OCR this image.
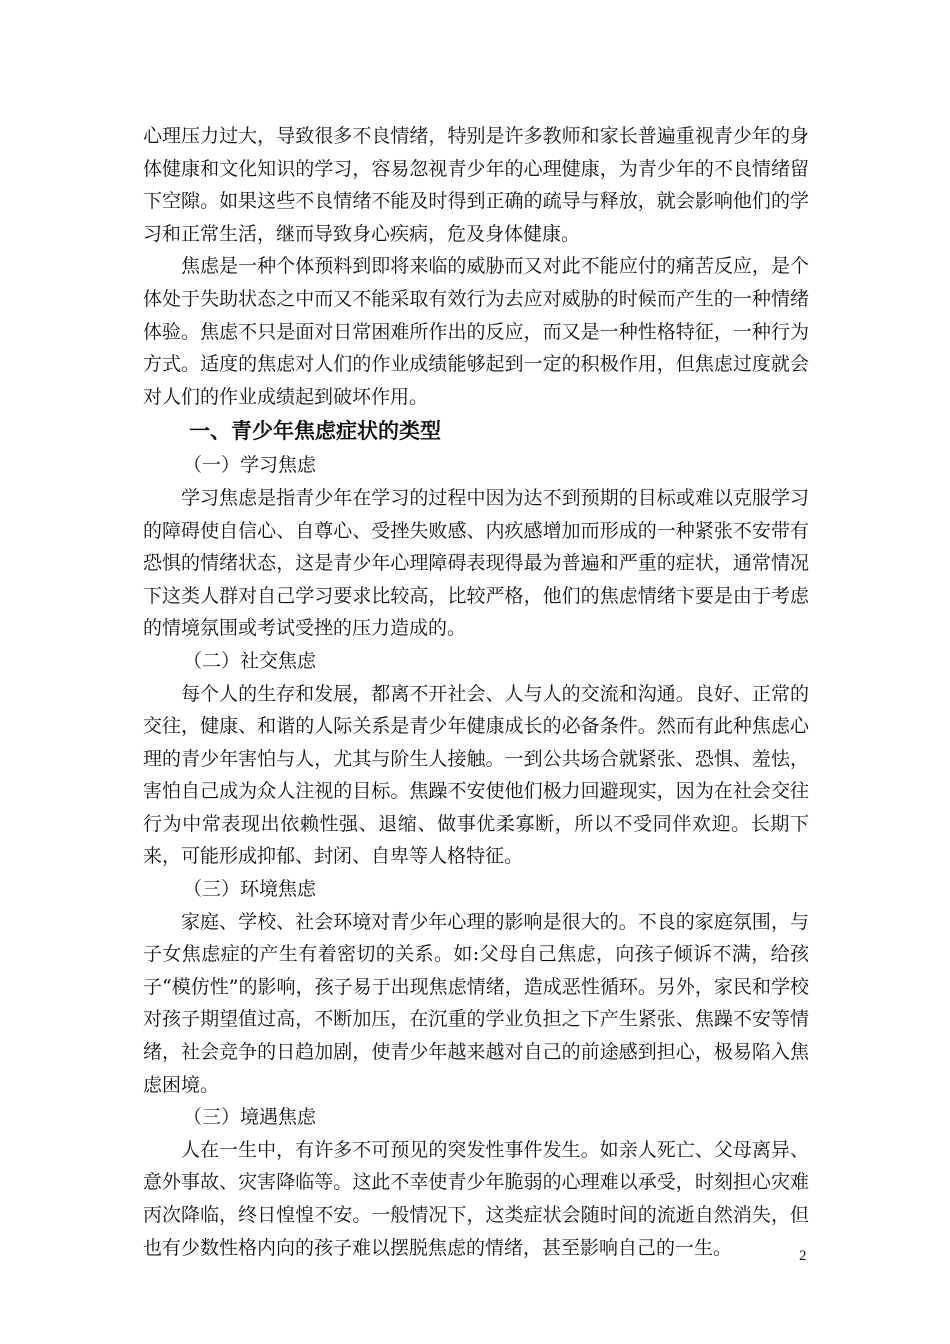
心理压力过大，导致很多不良情绪，特别是许多教师和家长普遍重视青少年的身体健康和文化知识的学习，容易忽视青少年的心理健康，为青少年的不良情绪留下空隙。如果这些不良情绪不能及时得到正确的疏导与释放，就会影响他们的学习和正常生活，继而导致身心疾病，危及身体健康。

焦虑是一种个体预料到即将来临的威胁而又对此不能应付的痛苦反应，是个体处于失助状态之中而又不能采取有效行为去应对威胁的时候而产生的一种情绪体验。焦虑不只是面对日常困难所作出的反应，而又是一种性格特征，一种行为方式。适度的焦虑对人们的作业成绩能够起到一定的积极作用，但焦虑过度就会对人们的作业成绩起到破坏作用。

一、青少年焦虑症状的类型

（一）学习焦虑

学习焦虑是指青少年在学习的过程中因为达不到预期的目标或难以克服学习的障碍使自信心、自尊心、受挫失败感、内疚感增加而形成的一种紧张不安带有恐惧的情绪状态，这是青少年心理障碍表现得最为普遍和严重的症状，通常情况下这类人群对自己学习要求比较高，比较严格，他们的焦虑情绪卞要是由于考虑的情境氛围或考试受挫的压力造成的。

（二）社交焦虑

每个人的生存和发展，都离不开社会、人与人的交流和沟通。良好、正常的交往，健康、和谐的人际关系是青少年健康成长的必备条件。然而有此种焦虑心理的青少年害怕与人，尤其与阶生人接触。一到公共场合就紧张、恐惧、羞怯，害怕自己成为众人注视的目标。焦躁不安使他们极力回避现实，因为在社会交往行为中常表现出依赖性强、退缩、做事优柔寡断，所以不受同伴欢迎。长期下来，可能形成抑郁、封闭、自卑等人格特征。

（三）环境焦虑

家庭、学校、社会环境对青少年心理的影响是很大的。不良的家庭氛围，与子女焦虑症的产生有着密切的关系。如:父母自己焦虑，向孩子倾诉不满，给孩子“模仿性”的影响，孩子易于出现焦虑情绪，造成恶性循环。另外，家民和学校对孩子期望值过高，不断加压，在沉重的学业负担之下产生紧张、焦躁不安等情绪，社会竞争的日趋加剧，使青少年越来越对自己的前途感到担心，极易陷入焦虑困境。

（三）境遇焦虑

人在一生中，有许多不可预见的突发性事件发生。如亲人死亡、父母离异、意外事故、灾害降临等。这此不幸使青少年脆弱的心理难以承受，时刻担心灾难丙次降临，终日惶惶不安。一般情况下，这类症状会随时间的流逝自然消失，但也有少数性格内向的孩子难以摆脱焦虑的情绪，甚至影响自己的一生。	2
